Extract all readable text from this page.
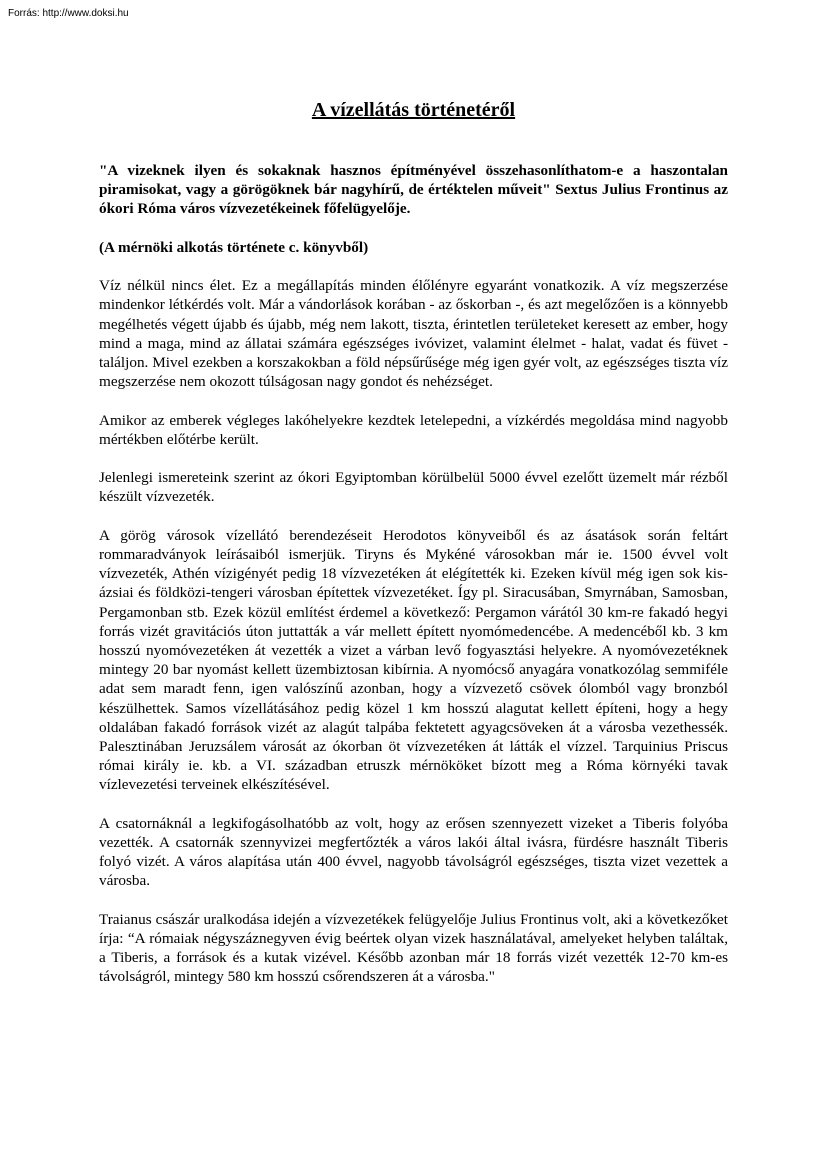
Forrás: http://www.doksi.hu
A vízellátás történetéről

"A vizeknek ilyen és sokaknak hasznos építményével összehasonlíthatom-e a haszontalan piramisokat, vagy a görögöknek bár nagyhírű, de értéktelen műveit" Sextus Julius Frontinus az ókori Róma város vízvezetékeinek főfelügyelője.

(A mérnöki alkotás története c. könyvből)

Víz nélkül nincs élet. Ez a megállapítás minden élőlényre egyaránt vonatkozik. A víz megszerzése mindenkor létkérdés volt. Már a vándorlások korában - az őskorban -, és azt megelőzően is a könnyebb megélhetés végett újabb és újabb, még nem lakott, tiszta, érintetlen területeket keresett az ember, hogy mind a maga, mind az állatai számára egészséges ivóvizet, valamint élelmet - halat, vadat és füvet - találjon. Mivel ezekben a korszakokban a föld népsűrűsége még igen gyér volt, az egészséges tiszta víz megszerzése nem okozott túlságosan nagy gondot és nehézséget.

Amikor az emberek végleges lakóhelyekre kezdtek letelepedni, a vízkérdés megoldása mind nagyobb mértékben előtérbe került.

Jelenlegi ismereteink szerint az ókori Egyiptomban körülbelül 5000 évvel ezelőtt üzemelt már rézből készült vízvezeték.

A görög városok vízellátó berendezéseit Herodotos könyveiből és az ásatások során feltárt rommaradványok leírásaiból ismerjük. Tiryns és Mykéné városokban már ie. 1500 évvel volt vízvezeték, Athén vízigényét pedig 18 vízvezetéken át elégítették ki. Ezeken kívül még igen sok kis-ázsiai és földközi-tengeri városban építettek vízvezetéket. Így pl. Siracusában, Smyrnában, Samosban, Pergamonban stb. Ezek közül említést érdemel a következő: Pergamon várától 30 km-re fakadó hegyi forrás vizét gravitációs úton juttatták a vár mellett épített nyomómedencébe. A medencéből kb. 3 km hosszú nyomóvezetéken át vezették a vizet a várban levő fogyasztási helyekre. A nyomóvezetéknek mintegy 20 bar nyomást kellett üzembiztosan kibírnia. A nyomócső anyagára vonatkozólag semmiféle adat sem maradt fenn, igen valószínű azonban, hogy a vízvezető csövek ólomból vagy bronzból készülhettek. Samos vízellátásához pedig közel 1 km hosszú alagutat kellett építeni, hogy a hegy oldalában fakadó források vizét az alagút talpába fektetett agyagcsöveken át a városba vezethessék. Palesztinában Jeruzsálem városát az ókorban öt vízvezetéken át látták el vízzel. Tarquinius Priscus római király ie. kb. a VI. században etruszk mérnököket bízott meg a Róma környéki tavak vízlevezetési terveinek elkészítésével.

A csatornáknál a legkifogásolhatóbb az volt, hogy az erősen szennyezett vizeket a Tiberis folyóba vezették. A csatornák szennyvizei megfertőzték a város lakói által ivásra, fürdésre használt Tiberis folyó vizét. A város alapítása után 400 évvel, nagyobb távolságról egészséges, tiszta vizet vezettek a városba.

Traianus császár uralkodása idején a vízvezetékek felügyelője Julius Frontinus volt, aki a következőket írja: “A rómaiak négyszáznegyven évig beértek olyan vizek használatával, amelyeket helyben találtak, a Tiberis, a források és a kutak vizével. Később azonban már 18 forrás vizét vezették 12-70 km-es távolságról, mintegy 580 km hosszú csőrendszeren át a városba."
